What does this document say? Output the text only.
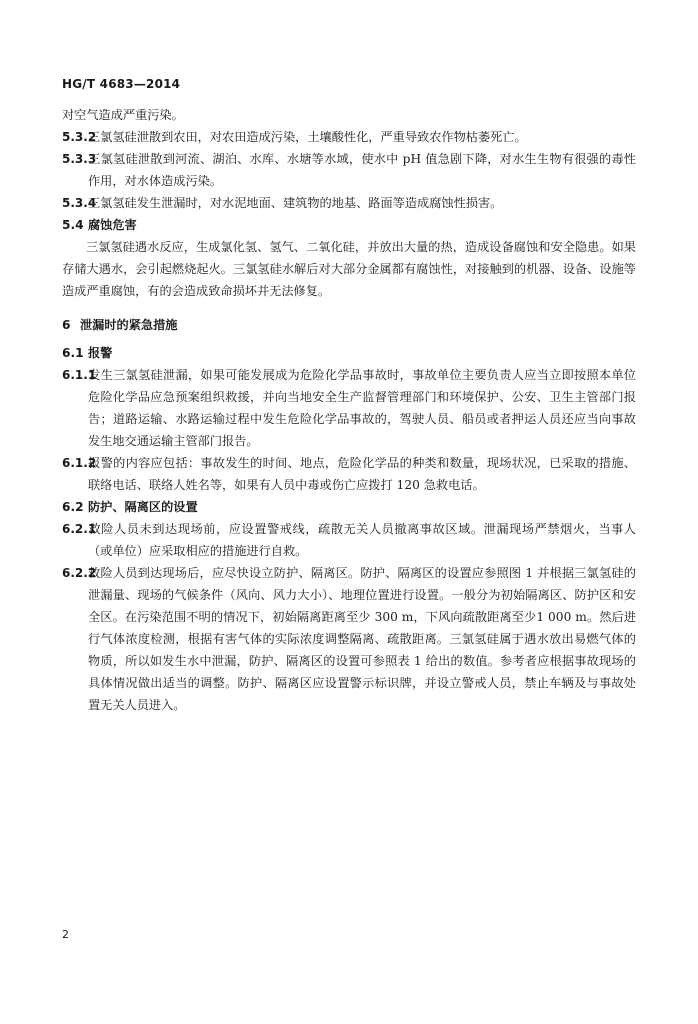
HG/T 4683—2014

对空气造成严重污染。

5.3.2三氯氢硅泄散到农田，对农田造成污染，土壤酸性化，严重导致农作物枯萎死亡。

5.3.3三氯氢硅泄散到河流、湖泊、水库、水塘等水域，使水中 pH 值急剧下降，对水生生物有很强的毒性作用，对水体造成污染。

5.3.4三氯氢硅发生泄漏时，对水泥地面、建筑物的地基、路面等造成腐蚀性损害。

5.4 腐蚀危害

三氯氢硅遇水反应，生成氯化氢、氢气、二氧化硅，并放出大量的热，造成设备腐蚀和安全隐患。如果存储大遇水，会引起燃烧起火。三氯氢硅水解后对大部分金属都有腐蚀性，对接触到的机器、设备、设施等造成严重腐蚀，有的会造成致命损坏并无法修复。

6 泄漏时的紧急措施

6.1 报警

6.1.1发生三氯氢硅泄漏，如果可能发展成为危险化学品事故时，事故单位主要负责人应当立即按照本单位危险化学品应急预案组织救援，并向当地安全生产监督管理部门和环境保护、公安、卫生主管部门报告；道路运输、水路运输过程中发生危险化学品事故的，驾驶人员、船员或者押运人员还应当向事故发生地交通运输主管部门报告。

6.1.2报警的内容应包括：事故发生的时间、地点，危险化学品的种类和数量，现场状况，已采取的措施、联络电话、联络人姓名等，如果有人员中毒或伤亡应拨打 120 急救电话。

6.2 防护、隔离区的设置

6.2.1救险人员未到达现场前，应设置警戒线，疏散无关人员撤离事故区域。泄漏现场严禁烟火，当事人（或单位）应采取相应的措施进行自救。

6.2.2救险人员到达现场后，应尽快设立防护、隔离区。防护、隔离区的设置应参照图 1 并根据三氯氢硅的泄漏量、现场的气候条件（风向、风力大小）、地理位置进行设置。一般分为初始隔离区、防护区和安全区。在污染范围不明的情况下，初始隔离距离至少 300 m，下风向疏散距离至少1 000 m。然后进行气体浓度检测，根据有害气体的实际浓度调整隔离、疏散距离。三氯氢硅属于遇水放出易燃气体的物质，所以如发生水中泄漏，防护、隔离区的设置可参照表 1 给出的数值。参考者应根据事故现场的具体情况做出适当的调整。防护、隔离区应设置警示标识牌，并设立警戒人员，禁止车辆及与事故处置无关人员进入。

2
